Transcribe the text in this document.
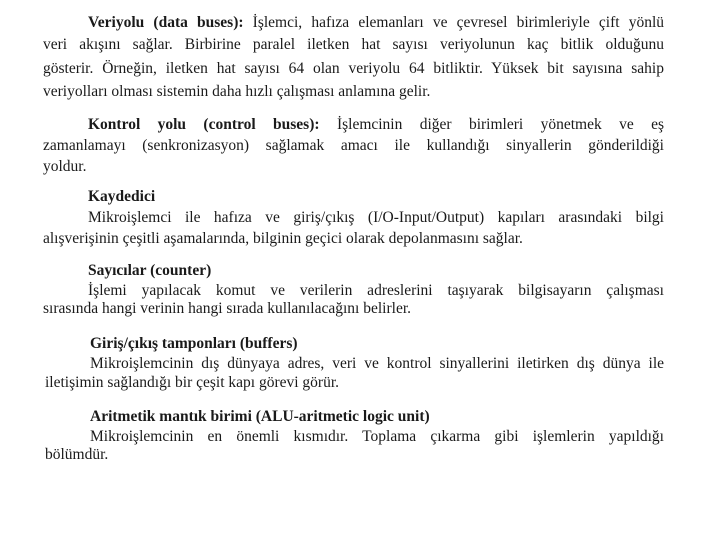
Veriyolu (data buses): İşlemci, hafıza elemanları ve çevresel birimleriyle çift yönlü
veri akışını sağlar. Birbirine paralel iletken hat sayısı veriyolunun kaç bitlik olduğunu
gösterir. Örneğin, iletken hat sayısı 64 olan veriyolu 64 bitliktir. Yüksek bit sayısına sahip
veriyolları olması sistemin daha hızlı çalışması anlamına gelir.
Kontrol yolu (control buses): İşlemcinin diğer birimleri yönetmek ve eş
zamanlamayı (senkronizasyon) sağlamak amacı ile kullandığı sinyallerin gönderildiği
yoldur.
Kaydedici
Mikroişlemci ile hafıza ve giriş/çıkış (I/O-Input/Output) kapıları arasındaki bilgi
alışverişinin çeşitli aşamalarında, bilginin geçici olarak depolanmasını sağlar.
Sayıcılar (counter)
İşlemi yapılacak komut ve verilerin adreslerini taşıyarak bilgisayarın çalışması
sırasında hangi verinin hangi sırada kullanılacağını belirler.
Giriş/çıkış tamponları (buffers)
Mikroişlemcinin dış dünyaya adres, veri ve kontrol sinyallerini iletirken dış dünya ile
iletişimin sağlandığı bir çeşit kapı görevi görür.
Aritmetik mantık birimi (ALU-aritmetic logic unit)
Mikroişlemcinin en önemli kısmıdır. Toplama çıkarma gibi işlemlerin yapıldığı
bölümdür.
